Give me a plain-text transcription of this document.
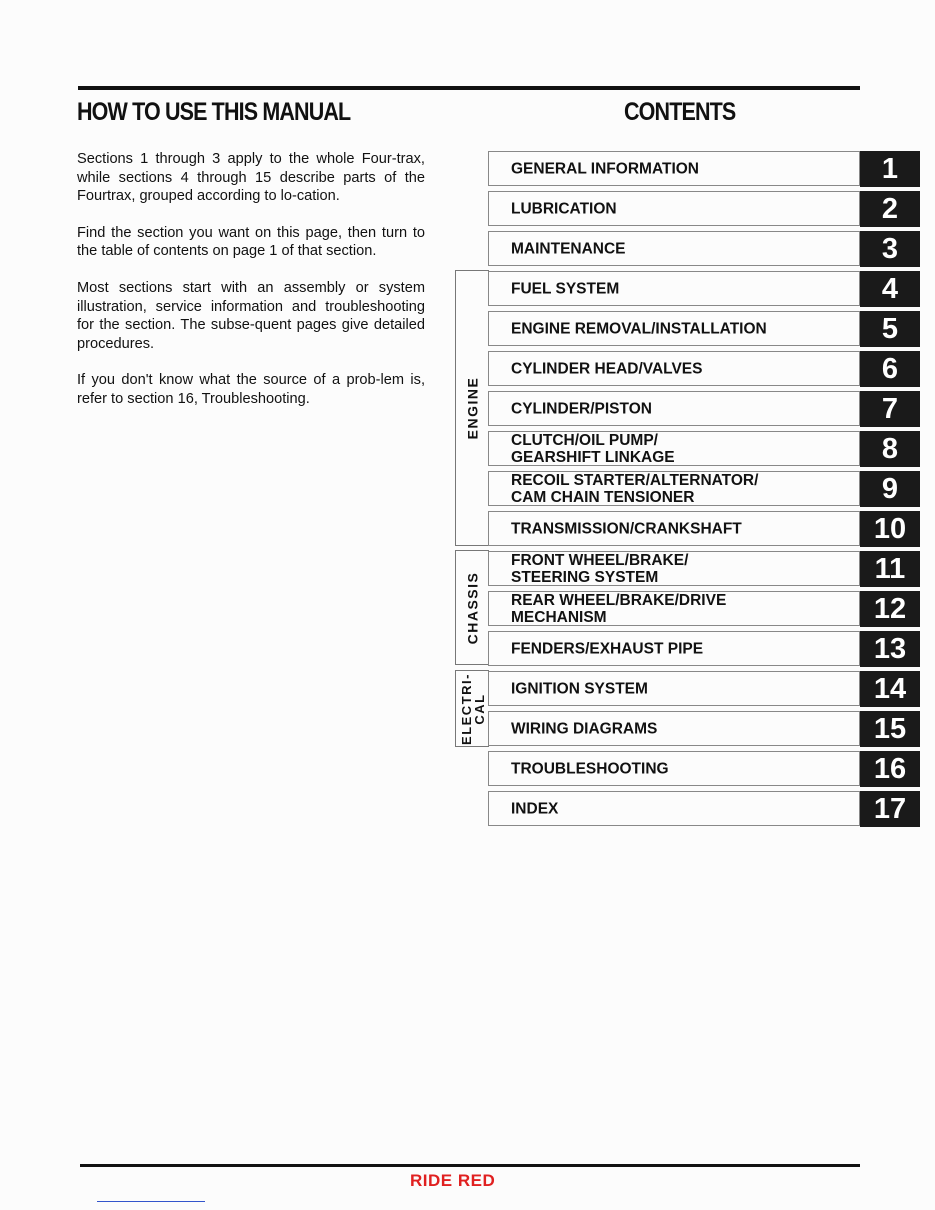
HOW TO USE THIS MANUAL	CONTENTS

Sections 1 through 3 apply to the whole Four-trax, while sections 4 through 15 describe parts of the Fourtrax, grouped according to lo-cation.

Find the section you want on this page, then turn to the table of contents on page 1 of that section.

Most sections start with an assembly or system illustration, service information and troubleshooting for the section. The subse-quent pages give detailed procedures.

If you don't know what the source of a prob-lem is, refer to section 16, Troubleshooting.	ENGINE
CHASSIS
ELECTRI-
CAL
GENERAL INFORMATION
LUBRICATION
MAINTENANCE
FUEL SYSTEM
ENGINE REMOVAL/INSTALLATION
CYLINDER HEAD/VALVES
CYLINDER/PISTON
CLUTCH/OIL PUMP/
GEARSHIFT LINKAGE
RECOIL STARTER/ALTERNATOR/
CAM CHAIN TENSIONER
TRANSMISSION/CRANKSHAFT
FRONT WHEEL/BRAKE/
STEERING SYSTEM
REAR WHEEL/BRAKE/DRIVE
MECHANISM
FENDERS/EXHAUST PIPE
IGNITION SYSTEM
WIRING DIAGRAMS
TROUBLESHOOTING
INDEX
1
2
3
4
5
6
7
8
9
10
11
12
13
14
15
16
17
RIDE RED
